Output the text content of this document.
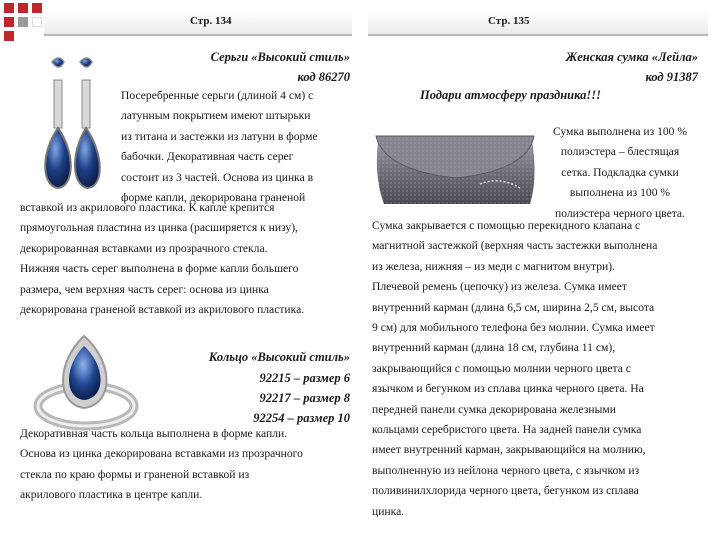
Стр. 134	Стр. 135
Серьги «Высокий стиль»
код 86270
Посеребренные серьги (длиной 4 см) с
латунным покрытием имеют штырьки
из титана и застежки из латуни в форме
бабочки. Декоративная часть серег
состоит из 3 частей. Основа из цинка в
форме капли, декорирована граненой
вставкой из акрилового пластика. К капле крепится
прямоугольная пластина из цинка (расширяется к низу),
декорированная вставками из прозрачного стекла.
Нижняя часть серег выполнена в форме капли большего
размера, чем верхняя часть серег: основа из цинка
декорирована граненой вставкой из акрилового пластика.
Кольцо «Высокий стиль»
92215 – размер 6
92217 – размер 8
92254 – размер 10
Декоративная часть кольца выполнена в форме капли.
Основа из цинка декорирована вставками из прозрачного
стекла по краю формы и граненой вставкой из
акрилового пластика в центре капли.
Женская сумка «Лейла»
код 91387
Подари атмосферу праздника!!!
Сумка выполнена из 100 %
полиэстера – блестящая
сетка. Подкладка сумки
выполнена из 100 %
полиэстера черного цвета.
Сумка закрывается с помощью перекидного клапана с
магнитной застежкой (верхняя часть застежки выполнена
из железа, нижняя – из меди с магнитом внутри).
Плечевой ремень (цепочку) из железа. Сумка имеет
внутренний карман (длина 6,5 см, ширина 2,5 см, высота
9 см) для мобильного телефона без молнии. Сумка имеет
внутренний карман (длина 18 см, глубина 11 см),
закрывающийся с помощью молнии черного цвета с
язычком и бегунком из сплава цинка черного цвета. На
передней панели сумка декорирована железными
кольцами серебристого цвета. На задней панели сумка
имеет внутренний карман, закрывающийся на молнию,
выполненную из нейлона черного цвета, с язычком из
поливинилхлорида черного цвета, бегунком из сплава
цинка.
